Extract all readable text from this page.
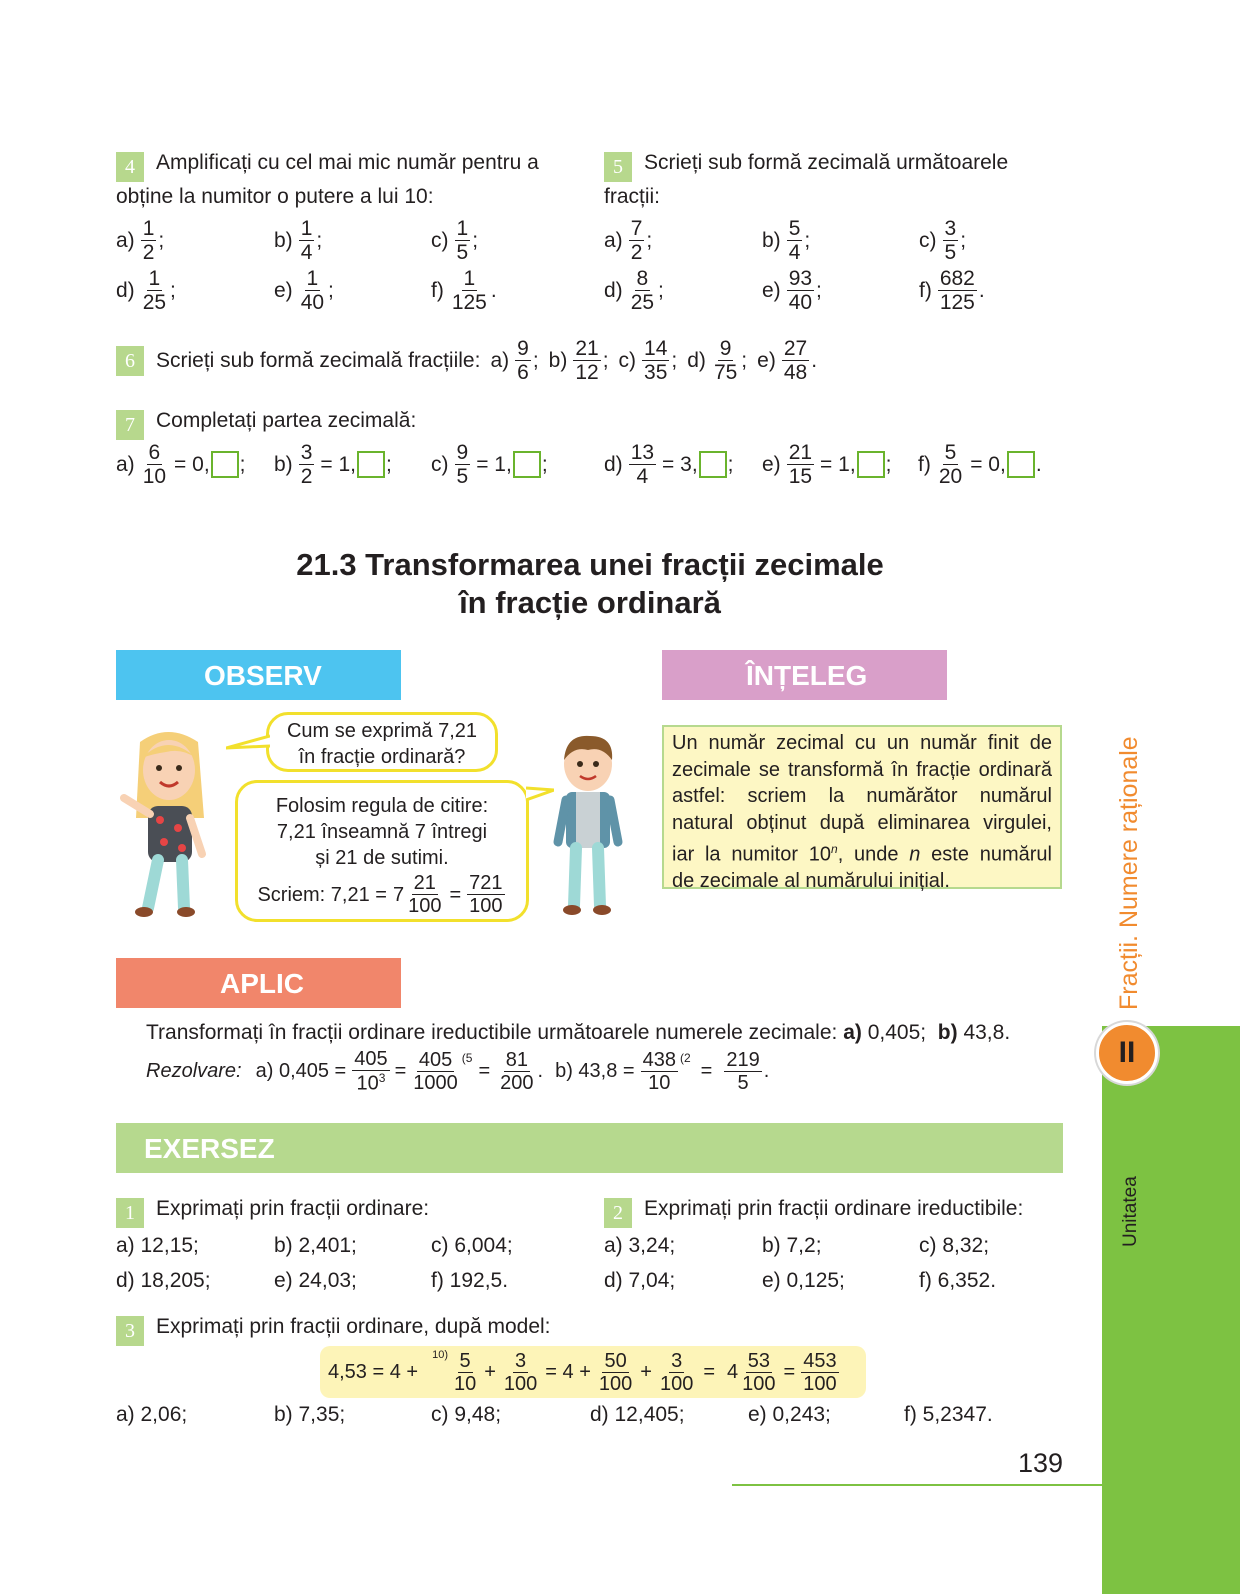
4 Amplificați cu cel mai mic număr pentru a
obține la numitor o putere a lui 10:
$a) \frac{1}{2}$ ;	$b) \frac{1}{4}$ ;	$c) \frac{1}{5}$ ;
$d) \frac{1}{25}$ ;	$e) \frac{1}{40}$ ;	$f) \frac{1}{125}$ .
5 Scrieți sub formă zecimală următoarele
fracții:
$a) \frac{7}{2}$ ;	$b) \frac{5}{4}$ ;	$c) \frac{3}{5}$ ;
$d) \frac{8}{25}$ ;	$e) \frac{93}{40}$ ;	$f) \frac{682}{125}$ .
6	Scrieți sub formă zecimală fracțiile: $a) \frac{9}{6}$ ; $b) \frac{21}{12}$ ; $c) \frac{14}{35}$ ; $d) \frac{9}{75}$ ; $e) \frac{27}{48}$ .
7 Completați partea zecimală:
$a) \frac{6}{10} = 0$, ; $b) \frac{3}{2} = 1$, ; $c) \frac{9}{5} = 1$, ;	$d) \frac{13}{4} = 3$, ; $e) \frac{21}{15} = 1$, ; $f) \frac{5}{20} = 0$, .
21.3 Transformarea unei fracții zecimale
în fracție ordinară
OBSERV	ÎNȚELEG
Cum se exprimă 7,21
în fracție ordinară?
Folosim regula de citire:
7,21 înseamnă 7 întregi
și 21 de sutimi.
Scriem: $7,21 = 7 \frac{21}{100} = \frac{721}{100}$
Un număr zecimal cu un număr finit de
zecimale se transformă în fracție ordinară
astfel: scriem la numărător numărul
natural obținut după eliminarea virgulei,
iar la numitor 10$^n$, unde n este numărul
de zecimale al numărului inițial.
APLIC
Transformați în fracții ordinare ireductibile următoarele numerele zecimale: a) 0,405; b) 43,8.
Rezolvare: a) $0,405 = \frac{405}{10^3} = \frac{405}{1000} (5$
= $\frac{81}{200}$ . b) $43,8 = \frac{438}{10} (2$
= $\frac{219}{5}$ .
EXERSEZ
1 Exprimați prin fracții ordinare:	2 Exprimați prin fracții ordinare ireductibile:
3 Exprimați prin fracții ordinare, după model:
4,53 = 4 +
$10) \frac{5}{10} + \frac{3}{100} = 4 + \frac{50}{100} + \frac{3}{100} = 4 \frac{53}{100} = \frac{453}{100}$
Fracții. Numere raționale
II
Unitatea
139
a) 12,15;	b) 2,401;	c) 6,004;
d) 18,205;	e) 24,03;	f) 192,5.
a) 3,24;	b) 7,2;	c) 8,32;
d) 7,04;	e) 0,125;	f) 6,352.
a) 2,06;	b) 7,35;	c) 9,48;	d) 12,405;	e) 0,243;	f) 5,2347.
